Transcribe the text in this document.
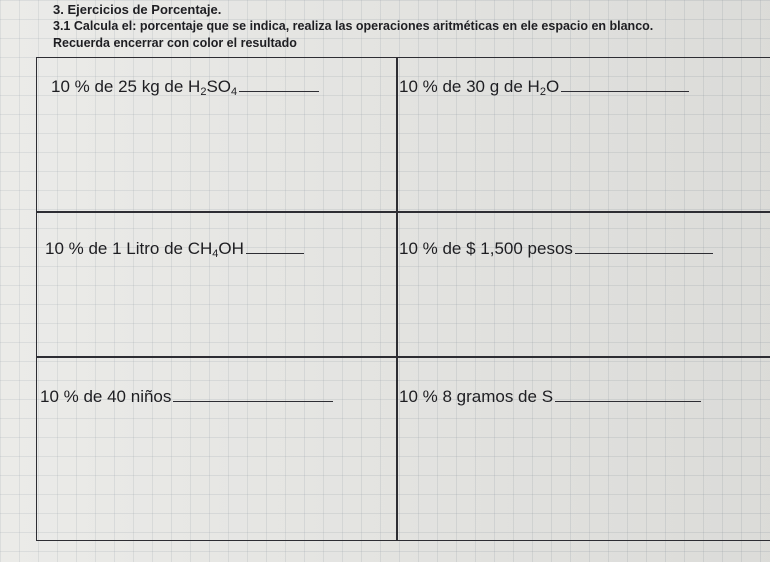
3. Ejercicios de Porcentaje.
3.1 Calcula el: porcentaje que se indica, realiza las operaciones aritméticas en ele espacio en blanco.
Recuerda encerrar con color el resultado
10 % de 25 kg de $H_2SO_4$	10 % de 30 g de $H_2O$
10 % de 1 Litro de $CH_4OH$	10 % de $ 1,500 pesos
10 % de 40 niños	10 % 8 gramos de S
